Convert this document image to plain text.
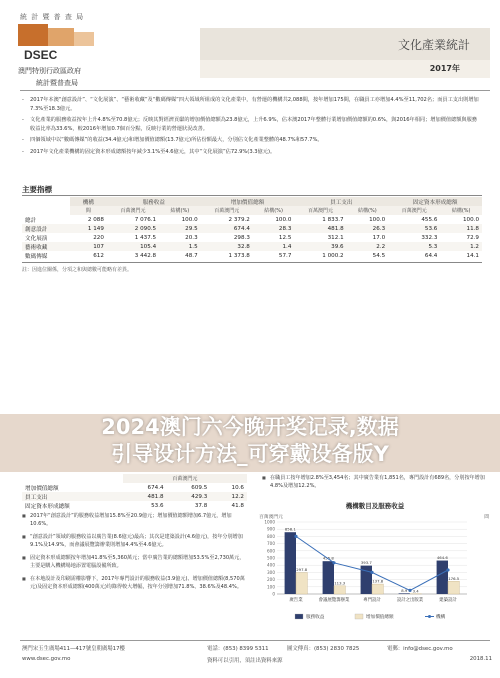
統 計 暨 普 查 局
DSEC
澳門特別行政區政府
統計暨普查局
文化產業統計
2017年
- 2017年本澳“創意設計”、“文化展演”、“藝術收藏”及“數碼傳媒”四大領域所組成的文化產業中，有營運的機構共2,088間，按年增加175間，在職員工亦增加4.4%至11,702名；而員工支出則增加7.3%至18.3億元。
- 文化產業的服務收益按年上升4.8%至70.8億元；反映其對經濟貢獻的增加價值總額為23.8億元，上升6.9%，佔本澳2017年整體行業增加價值總額的0.6%，與2016年相同；增加價值總額與服務收益比率為33.6%，較2016年增加0.7個百分點，反映行業的營運狀況改善。
- 四個領域中以“數碼傳媒”的收益(34.4億元)和增加價值總額(13.7億元)所佔份額最大，分別佔文化產業整體的48.7%和57.7%。
- 2017年文化產業機構的固定資本形成總額按年減少3.1%至4.6億元，其中“文化展演”佔72.9%(3.3億元)。
主要指標
	機構	服務收益		增加價值總額		員工支出		固定資本形成總額	
	間	百萬澳門元	結構(%)	百萬澳門元	結構(%)	百萬澳門元	結構(%)	百萬澳門元	結構(%)
總計	2 088	7 076.1	100.0	2 379.2	100.0	1 833.7	100.0	455.6	100.0
創意設計	1 149	2 090.5	29.5	674.4	28.3	481.8	26.3	53.6	11.8
文化展演	220	1 437.5	20.3	298.3	12.5	312.1	17.0	332.3	72.9
藝術收藏	107	105.4	1.5	32.8	1.4	39.6	2.2	5.3	1.2
數碼傳媒	612	3 442.8	48.7	1 373.8	57.7	1 000.2	54.5	64.4	14.1
註：因進位關係，分項之和與總數可能略有差異。
2024澳门六今晚开奖记录,数据
引导设计方法_可穿戴设备版Y
	百萬澳門元		
增加價值總額	674.4	609.5	10.6
員工支出	481.8	429.3	12.2
固定資本形成總額	53.6	37.8	41.8
■ 在職員工按年增加2.8%至3,454名；其中廣告業有1,851名，專門設計有689名，分別按年增加4.8%及增加12.2%。
■ 2017年“創意設計”的服務收益增加15.8%至20.9億元；增加價值總額增加6.7億元，增加10.6%。
■ “創意設計”領域的服務收益以廣告業(8.6億元)最高；其次是建築設計(4.6億元)，按年分別增加9.1%及14.9%，而會議展覽籌辦業則增加4.4%至4.6億元。
■ 固定資本形成總額按年增加41.8%至5,360萬元；當中廣告業的總額增加53.5%至2,730萬元，主要是購入機構場地添置電腦設備所致。
■ 在本地設計及印刷需權影響下，2017年專門設計的服務收益(3.9億元)、增加價值總額(8,570萬元)及固定資本形成總額(400萬元)均錄得較大增幅，按年分別增加71.8%、38.6%及48.4%。
機構數目及服務收益
百萬澳門元	間
0
100
200
300
400
500
600
700
800
900
1000
858.1
297.8
455.8
113.3
393.7
137.8
8.9 3.4
464.6
176.5
廣告業	會議展覽籌辦業	專門設計	設計之出版業	建築設計
服務收益	增加價值總額	機構
澳門宋玉生廣場411—417號皇朝廣場17樓	電話：(853) 8399 5311	圖文傳真：(853) 2830 7825	電郵：info@dsec.gov.mo
www.dsec.gov.mo	資料可以引用，須註出資料來源	2018.11
